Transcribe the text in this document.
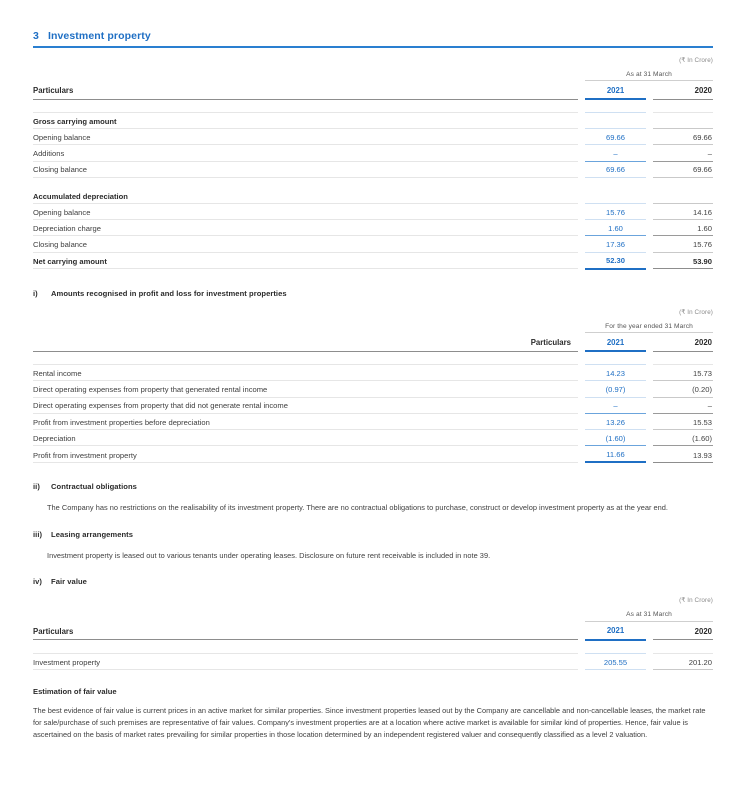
3 Investment property
(₹ In Crore)				
		As at 31 March		
Particulars		2021		2020

Gross carrying amount				
Opening balance		69.66		69.66
Additions		–		–
Closing balance		69.66		69.66

Accumulated depreciation				
Opening balance		15.76		14.16
Depreciation charge		1.60		1.60
Closing balance		17.36		15.76
Net carrying amount		52.30		53.90
i)	Amounts recognised in profit and loss for investment properties
(₹ In Crore)				
		For the year ended 31 March		
Particulars		2021		2020

Rental income		14.23		15.73
Direct operating expenses from property that generated rental income		(0.97)		(0.20)
Direct operating expenses from property that did not generate rental income		–		–
Profit from investment properties before depreciation		13.26		15.53
Depreciation		(1.60)		(1.60)
Profit from investment property		11.66		13.93
ii)	Contractual obligations
The Company has no restrictions on the realisability of its investment property. There are no contractual obligations to purchase, construct or develop investment property as at the year end.
iii) Leasing arrangements
Investment property is leased out to various tenants under operating leases. Disclosure on future rent receivable is included in note 39.
iv) Fair value
(₹ In Crore)				
		As at 31 March		
Particulars		2021		2020

Investment property		205.55		201.20
Estimation of fair value
The best evidence of fair value is current prices in an active market for similar properties. Since investment properties leased out by the Company are cancellable and non-cancellable leases, the market rate for sale/purchase of such premises are representative of fair values. Company's investment properties are at a location where active market is available for similar kind of properties. Hence, fair value is ascertained on the basis of market rates prevailing for similar properties in those location determined by an independent registered valuer and consequently classified as a level 2 valuation.
